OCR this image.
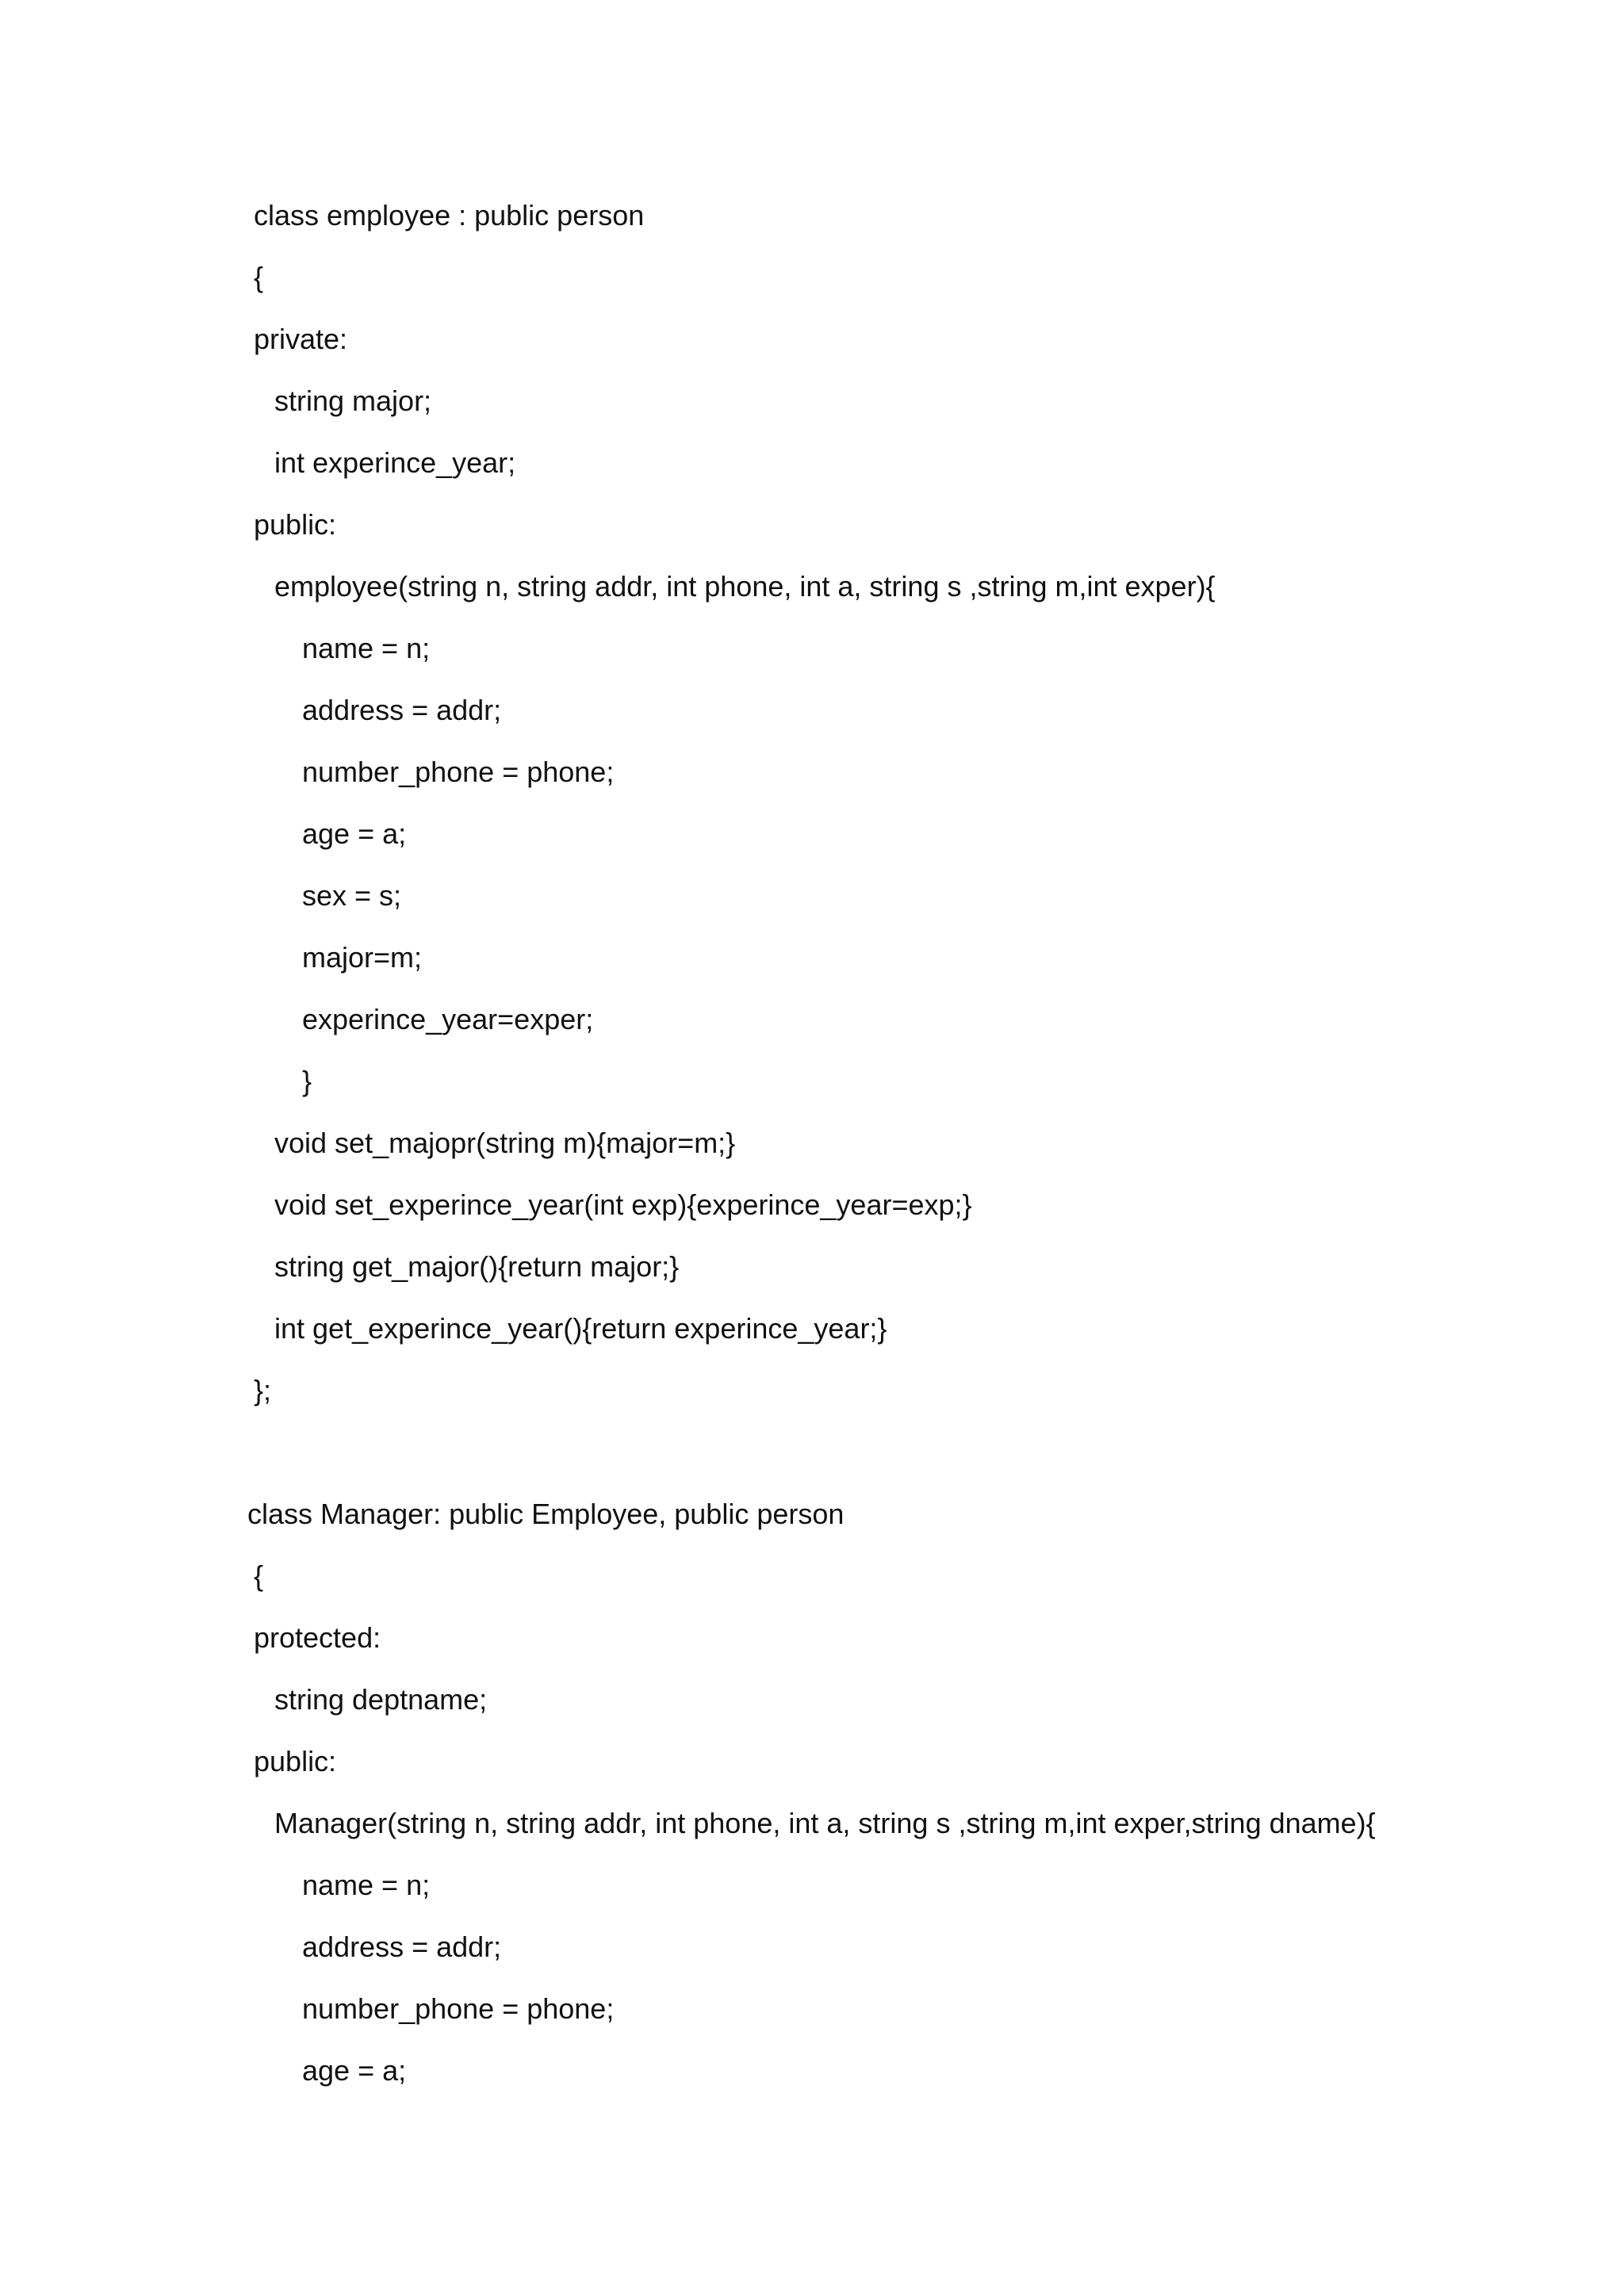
class employee : public person
{
private:
string major;
int experince_year;
public:
employee(string n, string addr, int phone, int a, string s ,string m,int exper){
name = n;
address = addr;
number_phone = phone;
age = a;
sex = s;
major=m;
experince_year=exper;
}
void set_majopr(string m){major=m;}
void set_experince_year(int exp){experince_year=exp;}
string get_major(){return major;}
int get_experince_year(){return experince_year;}
};
class Manager: public Employee, public person
{
protected:
string deptname;
public:
Manager(string n, string addr, int phone, int a, string s ,string m,int exper,string dname){
name = n;
address = addr;
number_phone = phone;
age = a;
